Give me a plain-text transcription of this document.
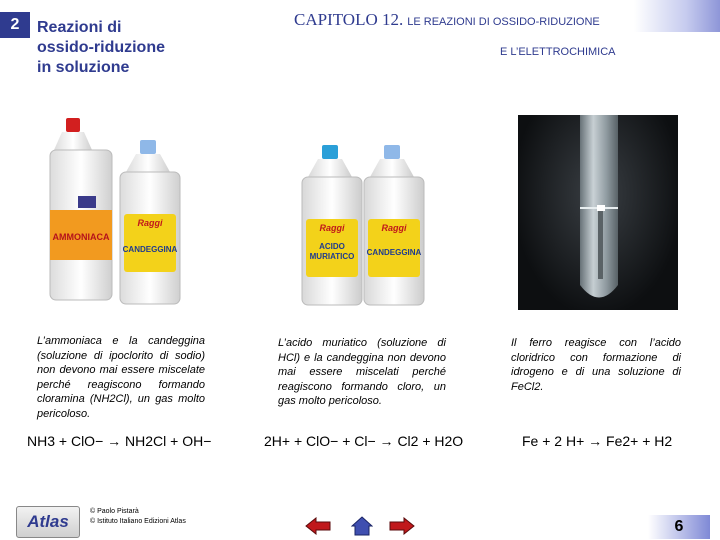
2 Reazioni di
ossido-riduzione
in soluzione
CAPITOLO 12. LE REAZIONI DI OSSIDO-RIDUZIONE
E L’ELETTROCHIMICA
AMMONIACA
Raggi
CANDEGGINA
Raggi
ACIDO
MURIATICO
Raggi
CANDEGGINA
L’ammoniaca e la candeggina (soluzione di ipoclorito di sodio) non devono mai essere miscelate perché reagiscono formando cloramina (NH2Cl), un gas molto pericoloso.
L’acido muriatico (soluzione di HCl) e la candeggina non devono mai essere miscelati perché reagiscono formando cloro, un gas molto pericoloso.
Il ferro reagisce con l’acido cloridrico con formazione di idrogeno e di una soluzione di FeCl2.
NH3 + ClO− → NH2Cl + OH−	2H+ + ClO− + Cl− → Cl2 + H2O	Fe + 2 H+ → Fe2+ + H2
Atlas
© Paolo Pistarà
© Istituto Italiano Edizioni Atlas	6
